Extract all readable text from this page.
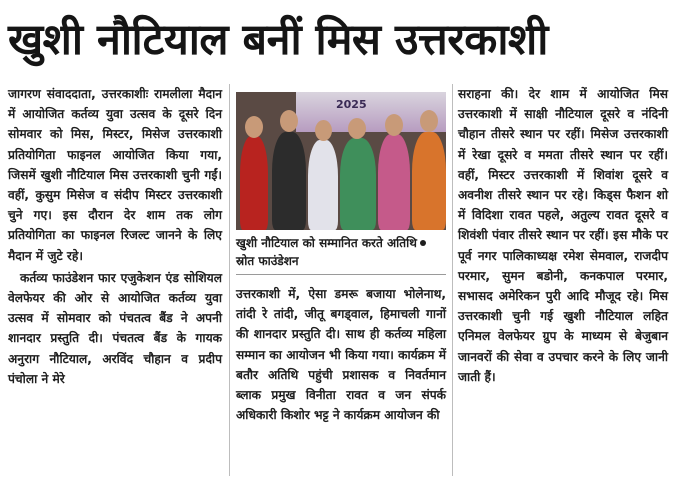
खुशी नौटियाल बनीं मिस उत्तरकाशी

जागरण संवाददाता, उत्तरकाशीः रामलीला मैदान में आयोजित कर्तव्य युवा उत्सव के दूसरे दिन सोमवार को मिस, मिस्टर, मिसेज उत्तरकाशी प्रतियोगिता फाइनल आयोजित किया गया, जिसमें खुशी नौटियाल मिस उत्तरकाशी चुनी गईं। वहीं, कुसुम मिसेज व संदीप मिस्टर उत्तरकाशी चुने गए। इस दौरान देर शाम तक लोग प्रतियोगिता का फाइनल रिजल्ट जानने के लिए मैदान में जुटे रहे।

कर्तव्य फाउंडेशन फार एजुकेशन एंड सोशियल वेलफेयर की ओर से आयोजित कर्तव्य युवा उत्सव में सोमवार को पंचतत्व बैंड ने अपनी शानदार प्रस्तुति दी। पंचतत्व बैंड के गायक अनुराग नौटियाल, अरविंद चौहान व प्रदीप पंचोला ने मेरे

2025
खुशी नौटियाल को सम्मानित करते अतिथिस्रोत फाउंडेशन

उत्तरकाशी में, ऐसा डमरू बजाया भोलेनाथ, तांदी रे तांदी, जीतू बगड्वाल, हिमाचली गानों की शानदार प्रस्तुति दी। साथ ही कर्तव्य महिला सम्मान का आयोजन भी किया गया। कार्यक्रम में बतौर अतिथि पहुंची प्रशासक व निवर्तमान ब्लाक प्रमुख विनीता रावत व जन संपर्क अधिकारी किशोर भट्ट ने कार्यक्रम आयोजन की

सराहना की। देर शाम में आयोजित मिस उत्तरकाशी में साक्षी नौटियाल दूसरे व नंदिनी चौहान तीसरे स्थान पर रहीं। मिसेज उत्तरकाशी में रेखा दूसरे व ममता तीसरे स्थान पर रहीं। वहीं, मिस्टर उत्तरकाशी में शिवांश दूसरे व अवनीश तीसरे स्थान पर रहे। किड्स फैशन शो में विदिशा रावत पहले, अतुल्य रावत दूसरे व शिवंशी पंवार तीसरे स्थान पर रहीं। इस मौके पर पूर्व नगर पालिकाध्यक्ष रमेश सेमवाल, राजदीप परमार, सुमन बडोनी, कनकपाल परमार, सभासद अमेरिकन पुरी आदि मौजूद रहे। मिस उत्तरकाशी चुनी गई खुशी नौटियाल लहित एनिमल वेलफेयर ग्रुप के माध्यम से बेजुबान जानवरों की सेवा व उपचार करने के लिए जानी जाती हैं।
